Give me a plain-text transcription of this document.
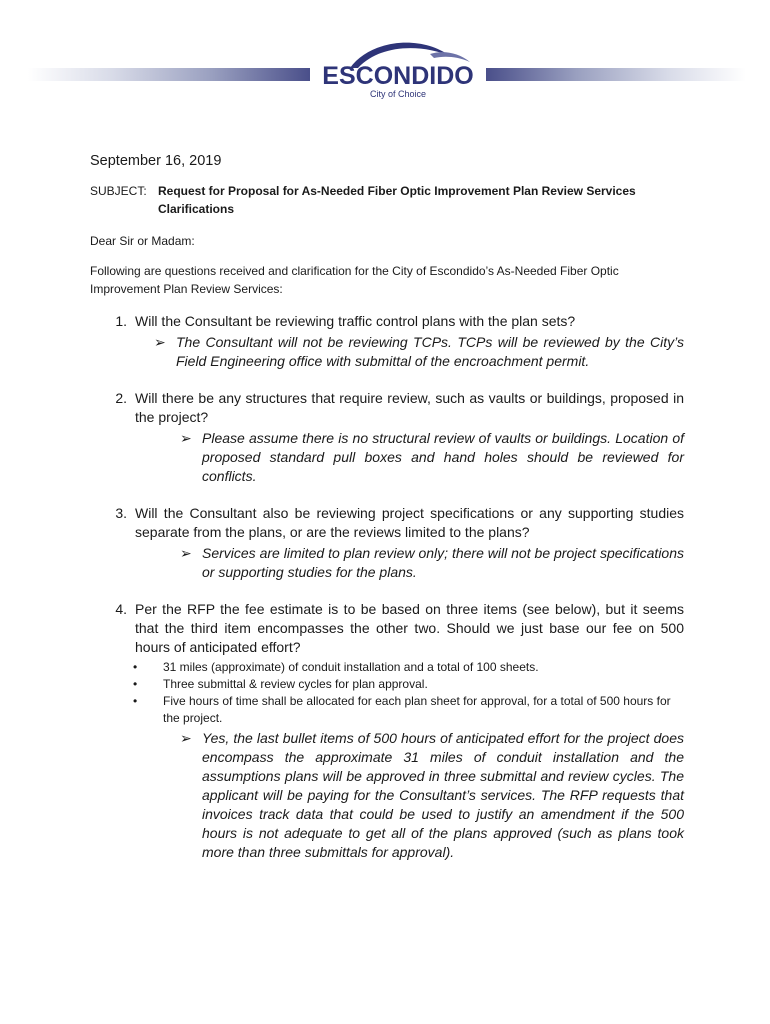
ESCONDIDO
City of Choice
September 16, 2019
SUBJECT: Request for Proposal for As-Needed Fiber Optic Improvement Plan Review Services
Clarifications
Dear Sir or Madam:
Following are questions received and clarification for the City of Escondido’s As-Needed Fiber Optic Improvement Plan Review Services:
1. Will the Consultant be reviewing traffic control plans with the plan sets?
➢ The Consultant will not be reviewing TCPs. TCPs will be reviewed by the City’s Field Engineering office with submittal of the encroachment permit.
2. Will there be any structures that require review, such as vaults or buildings, proposed in the project?
➢ Please assume there is no structural review of vaults or buildings. Location of proposed standard pull boxes and hand holes should be reviewed for conflicts.
3. Will the Consultant also be reviewing project specifications or any supporting studies separate from the plans, or are the reviews limited to the plans?
➢ Services are limited to plan review only; there will not be project specifications or supporting studies for the plans.
4. Per the RFP the fee estimate is to be based on three items (see below), but it seems that the third item encompasses the other two. Should we just base our fee on 500 hours of anticipated effort?
•	31 miles (approximate) of conduit installation and a total of 100 sheets.
•	Three submittal & review cycles for plan approval.
•	Five hours of time shall be allocated for each plan sheet for approval, for a total of 500 hours for the project.
➢ Yes, the last bullet items of 500 hours of anticipated effort for the project does encompass the approximate 31 miles of conduit installation and the assumptions plans will be approved in three submittal and review cycles. The applicant will be paying for the Consultant’s services. The RFP requests that invoices track data that could be used to justify an amendment if the 500 hours is not adequate to get all of the plans approved (such as plans took more than three submittals for approval).
